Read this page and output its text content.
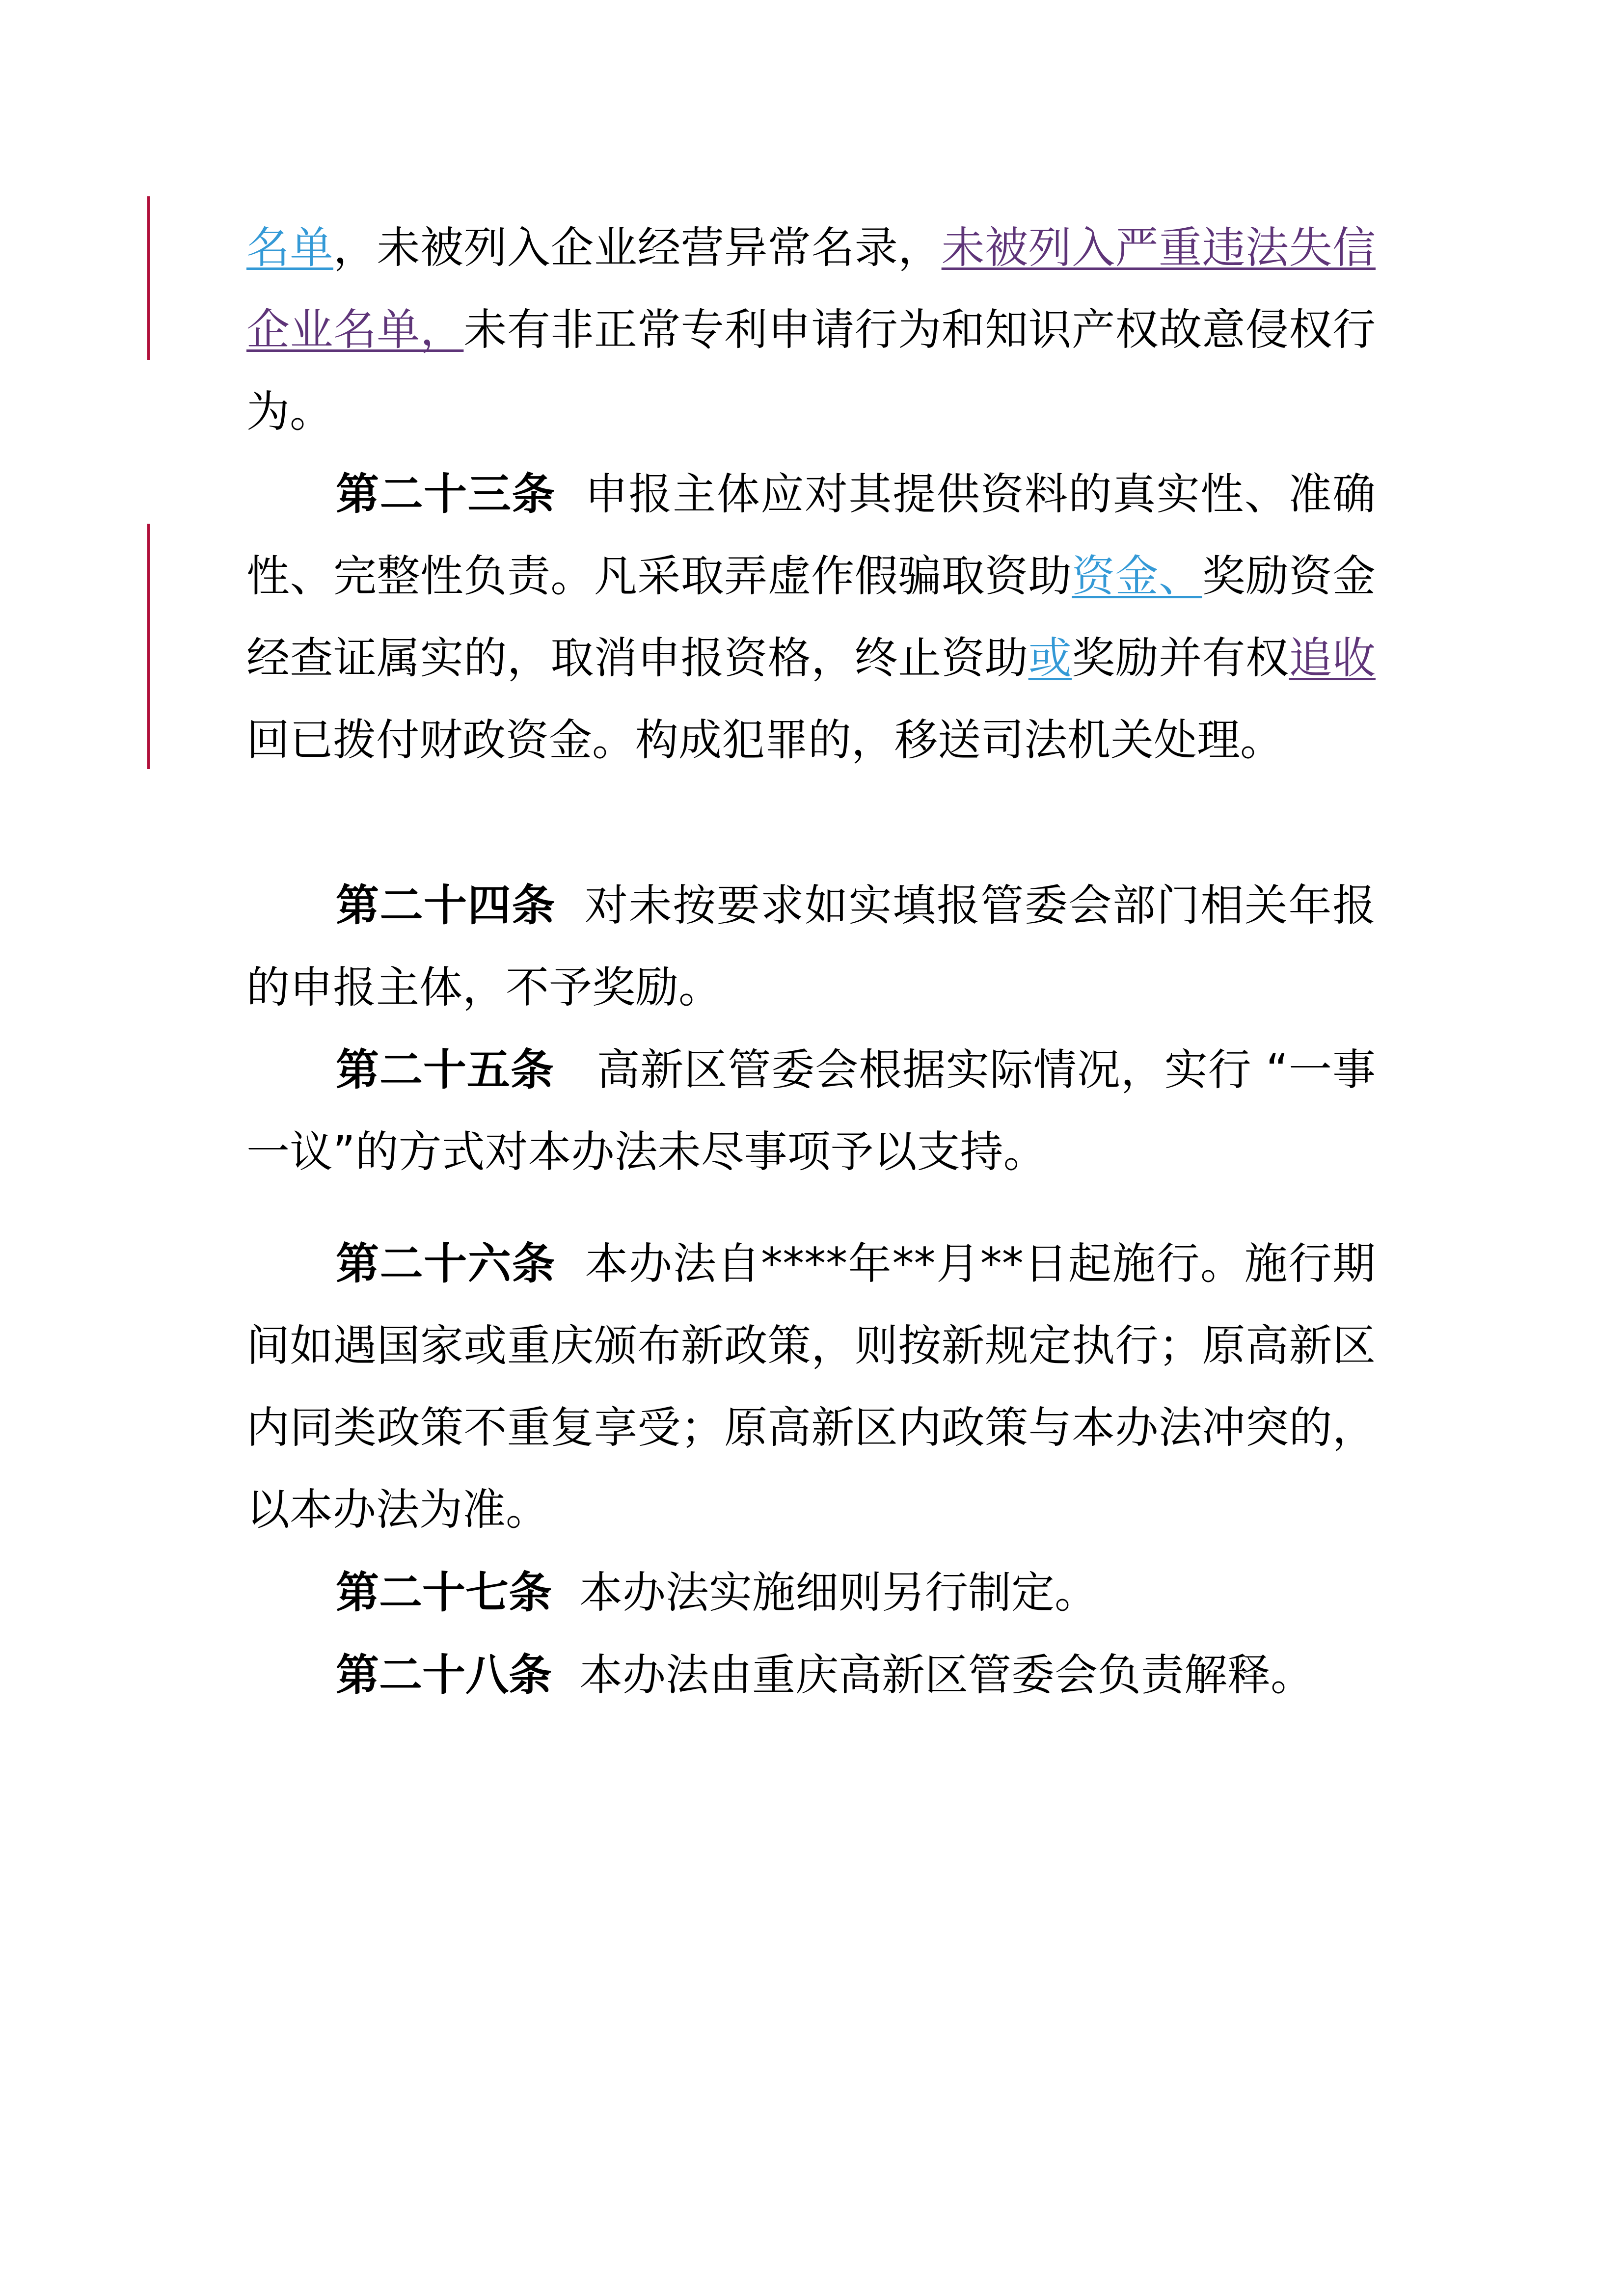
名单，未被列入企业经营异常名录，未被列入严重违法失信企业名单，未有非正常专利申请行为和知识产权故意侵权行为。

第二十三条 申报主体应对其提供资料的真实性、准确性、完整性负责。凡采取弄虚作假骗取资助资金、奖励资金经查证属实的，取消申报资格，终止资助或奖励并有权追收回已拨付财政资金。构成犯罪的，移送司法机关处理。

第二十四条 对未按要求如实填报管委会部门相关年报的申报主体，不予奖励。

第二十五条 高新区管委会根据实际情况，实行 “一事一议”的方式对本办法未尽事项予以支持。

第二十六条 本办法自****年**月**日起施行。施行期间如遇国家或重庆颁布新政策，则按新规定执行；原高新区内同类政策不重复享受；原高新区内政策与本办法冲突的，以本办法为准。

第二十七条 本办法实施细则另行制定。

第二十八条 本办法由重庆高新区管委会负责解释。
